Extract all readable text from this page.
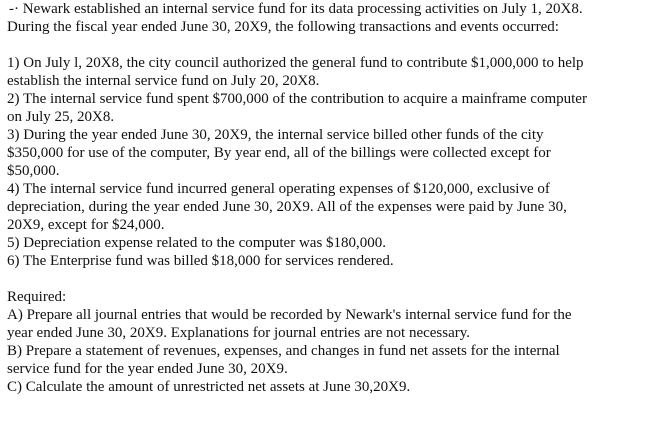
-· Newark established an internal service fund for its data processing activities on July 1, 20X8.

During the fiscal year ended June 30, 20X9, the following transactions and events occurred:

1) On July l, 20X8, the city council authorized the general fund to contribute $1,000,000 to help

establish the internal service fund on July 20, 20X8.

2) The internal service fund spent $700,000 of the contribution to acquire a mainframe computer

on July 25, 20X8.

3) During the year ended June 30, 20X9, the internal service billed other funds of the city

$350,000 for use of the computer, By year end, all of the billings were collected except for

$50,000.

4) The internal service fund incurred general operating expenses of $120,000, exclusive of

depreciation, during the year ended June 30, 20X9. All of the expenses were paid by June 30,

20X9, except for $24,000.

5) Depreciation expense related to the computer was $180,000.

6) The Enterprise fund was billed $18,000 for services rendered.

Required:

A) Prepare all journal entries that would be recorded by Newark's internal service fund for the

year ended June 30, 20X9. Explanations for journal entries are not necessary.

B) Prepare a statement of revenues, expenses, and changes in fund net assets for the internal

service fund for the year ended June 30, 20X9.

C) Calculate the amount of unrestricted net assets at June 30,20X9.
